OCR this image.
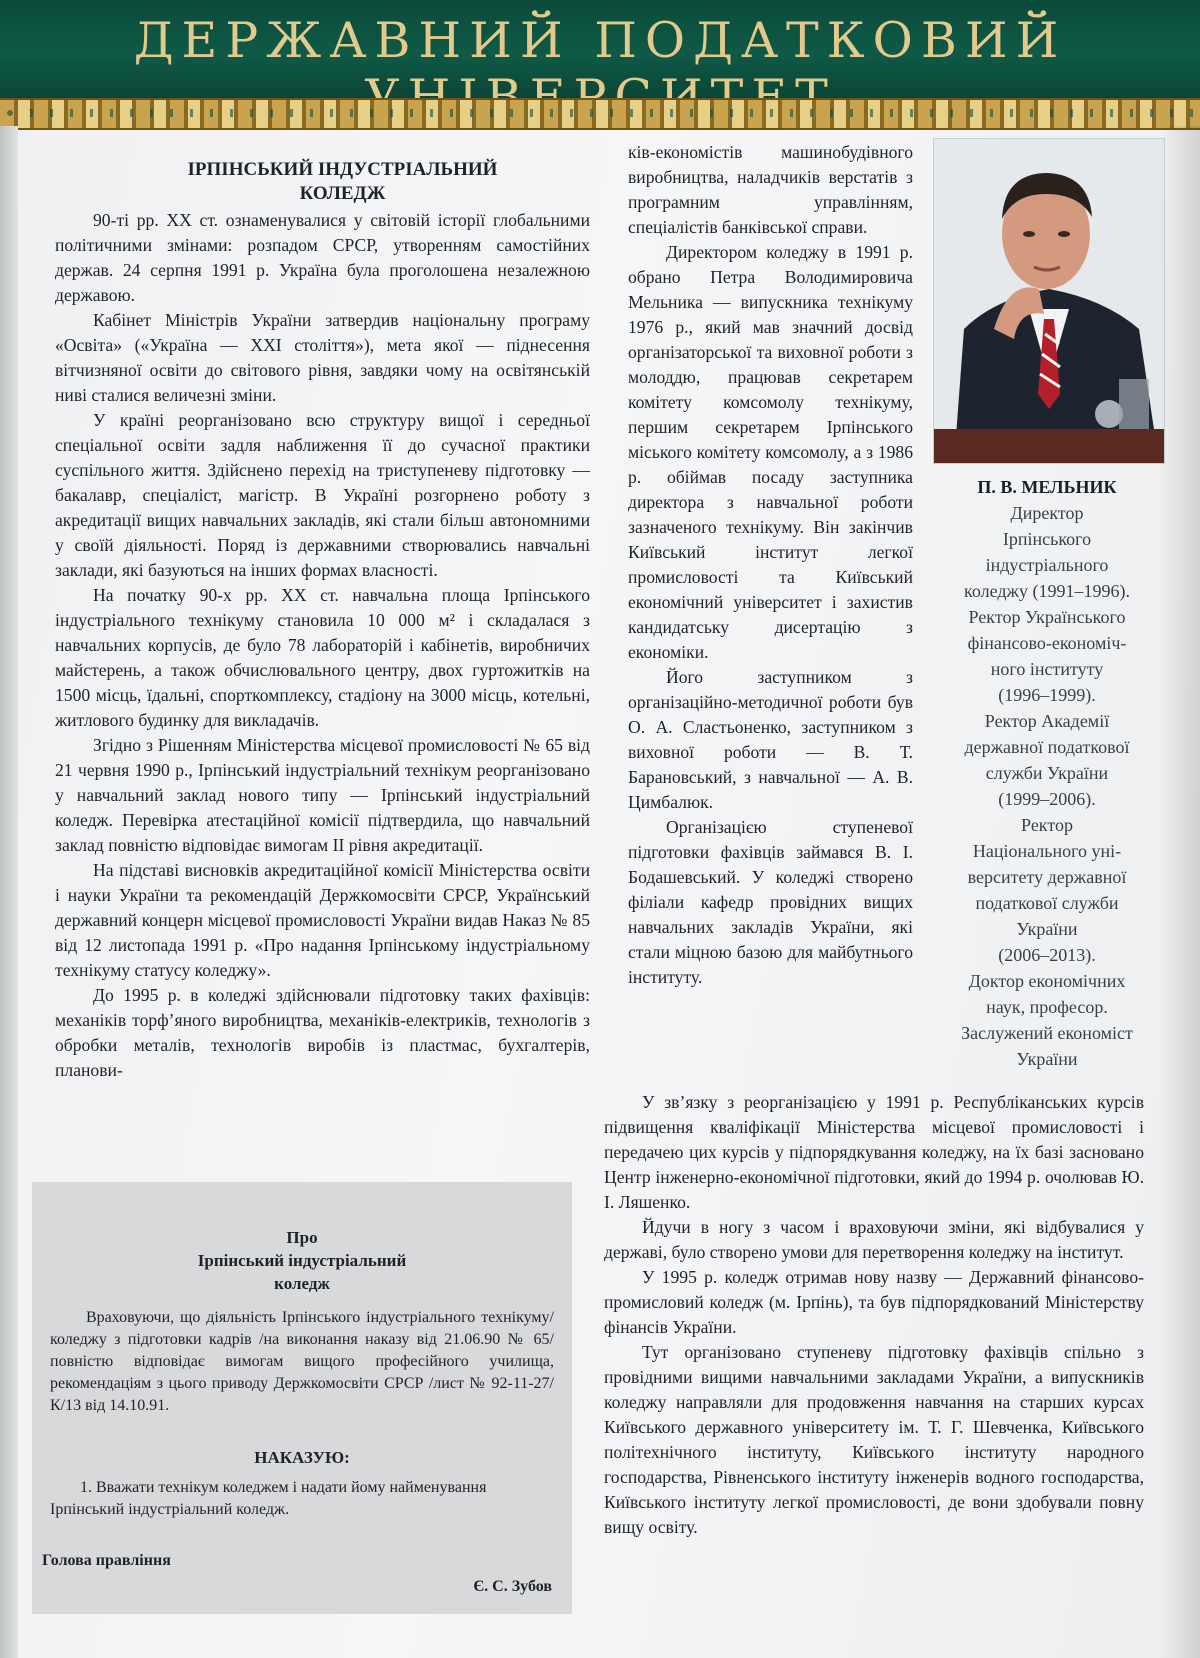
ДЕРЖАВНИЙ ПОДАТКОВИЙ
ІРПІНСЬКИЙ ІНДУСТРІАЛЬНИЙ
КОЛЕДЖ

90-ті рр. XX ст. ознаменувалися у світовій історії глобальними політичними змінами: розпадом СРСР, утворенням самостійних держав. 24 серпня 1991 р. Україна була проголошена незалежною державою.

Кабінет Міністрів України затвердив національну програму «Освіта» («Україна — XXI століття»), мета якої — піднесення вітчизняної освіти до світового рівня, завдяки чому на освітянській ниві сталися величезні зміни.

У країні реорганізовано всю структуру вищої і середньої спеціальної освіти задля наближення її до сучасної практики суспільного життя. Здійснено перехід на триступеневу підготовку — бакалавр, спеціаліст, магістр. В Україні розгорнено роботу з акредитації вищих навчальних закладів, які стали більш автономними у своїй діяльності. Поряд із державними створювались навчальні заклади, які базуються на інших формах власності.

На початку 90-х рр. XX ст. навчальна площа Ірпінського індустріального технікуму становила 10 000 м² і складалася з навчальних корпусів, де було 78 лабораторій і кабінетів, виробничих майстерень, а також обчислювального центру, двох гуртожитків на 1500 місць, їдальні, спорткомплексу, стадіону на 3000 місць, котельні, житлового будинку для викладачів.

Згідно з Рішенням Міністерства місцевої промисловості № 65 від 21 червня 1990 р., Ірпінський індустріальний технікум реорганізовано у навчальний заклад нового типу — Ірпінський індустріальний коледж. Перевірка атестаційної комісії підтвердила, що навчальний заклад повністю відповідає вимогам II рівня акредитації.

На підставі висновків акредитаційної комісії Міністерства освіти і науки України та рекомендацій Держкомосвіти СРСР, Український державний концерн місцевої промисловості України видав Наказ № 85 від 12 листопада 1991 р. «Про надання Ірпінському індустріальному технікуму статусу коледжу».

До 1995 р. в коледжі здійснювали підготовку таких фахівців: механіків торф’яного виробництва, механіків-електриків, технологів з обробки металів, технологів виробів із пластмас, бухгалтерів, планови-

ків-економістів машинобудівного виробництва, наладчиків верстатів з програмним управлінням, спеціалістів банківської справи.

Директором коледжу в 1991 р. обрано Петра Володимировича Мельника — випускника технікуму 1976 р., який мав значний досвід організаторської та виховної роботи з молоддю, працював секретарем комітету комсомолу технікуму, першим секретарем Ірпінського міського комітету комсомолу, а з 1986 р. обіймав посаду заступника директора з навчальної роботи зазначеного технікуму. Він закінчив Київський інститут легкої промисловості та Київський економічний університет і захистив кандидатську дисертацію з економіки.

Його заступником з організаційно-методичної роботи був О. А. Сластьоненко, заступником з виховної роботи — В. Т. Барановський, з навчальної — А. В. Цимбалюк.

Організацією ступеневої підготовки фахівців займався В. І. Бодашевський. У коледжі створено філіали кафедр провідних вищих навчальних закладів України, які стали міцною базою для майбутнього інституту.

П. В. МЕЛЬНИК
Директор
Ірпінського
індустріального
коледжу (1991–1996).
Ректор Українського
фінансово-економіч-
ного інституту
(1996–1999).
Ректор Академії
державної податкової
служби України
(1999–2006).
Ректор
Національного уні-
верситету державної
податкової служби
України
(2006–2013).
Доктор економічних
наук, професор.
Заслужений економіст
України

У зв’язку з реорганізацією у 1991 р. Республіканських курсів підвищення кваліфікації Міністерства місцевої промисловості і передачею цих курсів у підпорядкування коледжу, на їх базі засновано Центр інженерно-економічної підготовки, який до 1994 р. очолював Ю. І. Ляшенко.

Йдучи в ногу з часом і враховуючи зміни, які відбувалися у державі, було створено умови для перетворення коледжу на інститут.

У 1995 р. коледж отримав нову назву — Державний фінансово-промисловий коледж (м. Ірпінь), та був підпорядкований Міністерству фінансів України.

Тут організовано ступеневу підготовку фахівців спільно з провідними вищими навчальними закладами України, а випускників коледжу направляли для продовження навчання на старших курсах Київського державного університету ім. Т. Г. Шевченка, Київського політехнічного інституту, Київського інституту народного господарства, Рівненського інституту інженерів водного господарства, Київського інституту легкої промисловості, де вони здобували повну вищу освіту.

Про
Ірпінський індустріальний
коледж
Враховуючи, що діяльність Ірпінського індустріального технікуму/коледжу з підготовки кадрів /на виконання наказу від 21.06.90 № 65/ повністю відповідає вимогам вищого професійного училища, рекомендаціям з цього приводу Держкомосвіти СРСР /лист № 92-11-27/К/13 від 14.10.91.
НАКАЗУЮ:
1. Вважати технікум коледжем і надати йому найменування Ірпінський індустріальний коледж.
Голова правління
Є. С. Зубов
